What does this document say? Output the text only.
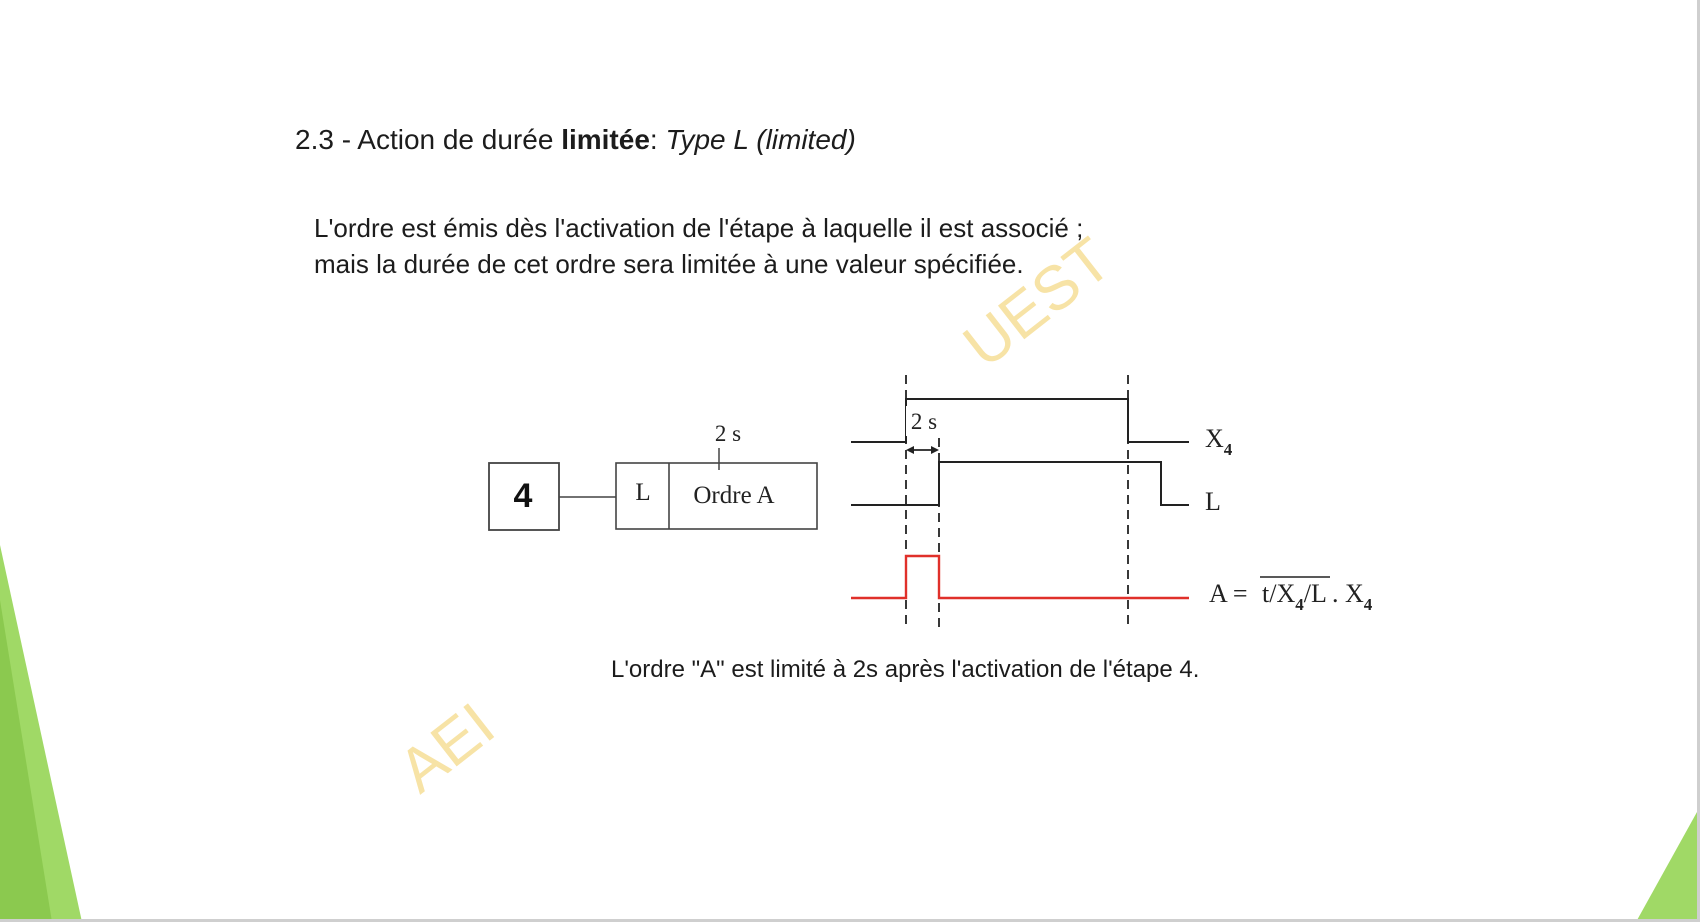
AEI
UEST
2.3 - Action de durée limitée: Type L (limited)
L'ordre est émis dès l'activation de l'étape à laquelle il est associé ;
mais la durée de cet ordre sera limitée à une valeur spécifiée.
4	L Ordre A
2 s	$X_4$
2 s
L
$A = t/X_4/L$ . $X_4$
L'ordre "A" est limité à 2s après l'activation de l'étape 4.
